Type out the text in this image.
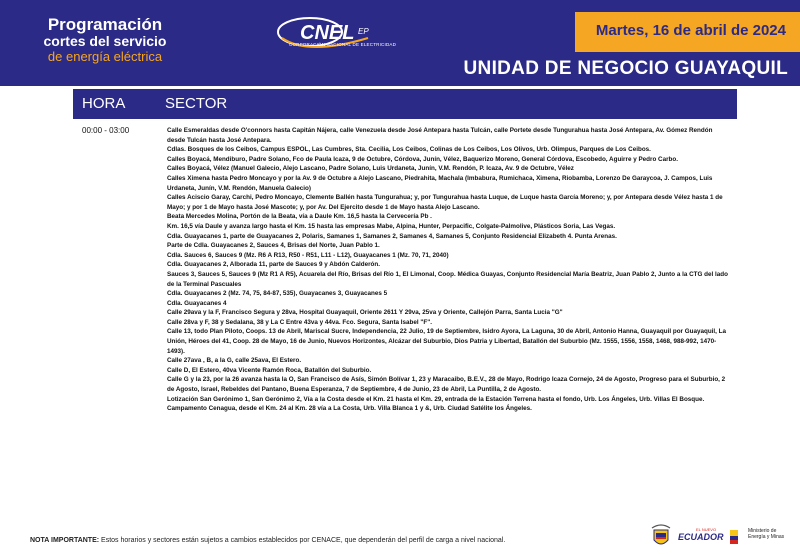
Programación
cortes del servicio
de energía eléctrica
CNEL EP
CORPORACIÓN NACIONAL DE ELECTRICIDAD
Martes, 16 de abril de 2024
UNIDAD DE NEGOCIO GUAYAQUIL
HORA	SECTOR
00:00 - 03:00	Calle Esmeraldas desde O'connors hasta Capitán Nájera, calle Venezuela desde José Antepara hasta Tulcán, calle Portete desde Tungurahua hasta José Antepara, Av. Gómez Rendón desde Tulcán hasta José Antepara.
Cdlas. Bosques de los Ceibos, Campus ESPOL, Las Cumbres, Sta. Cecilia, Los Ceibos, Colinas de Los Ceibos, Los Olivos, Urb. Olimpus, Parques de Los Ceibos.
Calles Boyacá, Mendiburo, Padre Solano, Fco de Paula Icaza, 9 de Octubre, Córdova, Junín, Vélez, Baquerizo Moreno, General Córdova, Escobedo, Aguirre y Pedro Carbo.
Calles Boyacá, Vélez (Manuel Galecio, Alejo Lascano, Padre Solano, Luis Urdaneta, Junín, V.M. Rendón, P. Icaza, Av. 9 de Octubre, Vélez
Calles Ximena hasta Pedro Moncayo y por la Av. 9 de Octubre a Alejo Lascano, Piedrahita, Machala (Imbabura, Rumichaca, Ximena, Riobamba, Lorenzo De Garaycoa, J. Campos, Luis Urdaneta, Junín, V.M. Rendón, Manuela Galecio)
Calles Aciscio Garay, Carchi, Pedro Moncayo, Clemente Ballén hasta Tungurahua; y, por Tungurahua hasta Luque, de Luque hasta García Moreno; y, por Antepara desde Vélez hasta 1 de Mayo; y por 1 de Mayo hasta José Mascote; y, por Av. Del Ejercito desde 1 de Mayo hasta Alejo Lascano.
Beata Mercedes Molina, Portón de la Beata, vía a Daule Km. 16,5 hasta la Cervecería Pb .
Km. 16,5 vía Daule y avanza largo hasta el Km. 15 hasta las empresas Mabe, Alpina, Hunter, Perpacific, Colgate-Palmolive, Plásticos Soria, Las Vegas.
Cdla. Guayacanes 1, parte de Guayacanes 2, Polaris, Samanes 1, Samanes 2, Samanes 4, Samanes 5, Conjunto Residencial Elizabeth 4. Punta Arenas.
Parte de Cdla. Guayacanes 2, Sauces 4, Brisas del Norte, Juan Pablo 1.
Cdla. Sauces 6, Sauces 9 (Mz. R6 A R13, R50 - R51, L11 - L12), Guayacanes 1 (Mz. 70, 71, 2040)
Cdla. Guayacanes 2, Alborada 11, parte de Sauces 9 y Abdón Calderón.
Sauces 3, Sauces 5, Sauces 9 (Mz R1 A R5), Acuarela del Río, Brisas del Río 1, El Limonal, Coop. Médica Guayas, Conjunto Residencial María Beatriz, Juan Pablo 2, Junto a la CTG del lado de la Terminal Pascuales
Cdla. Guayacanes 2 (Mz. 74, 75, 84-87, 535), Guayacanes 3, Guayacanes 5
Cdla. Guayacanes 4
Calle 29ava y la F, Francisco Segura y 28va, Hospital Guayaquil, Oriente 2611 Y 29va, 25va y Oriente, Callejón Parra, Santa Lucia "G"
Calle 28va y F, 38 y Sedalana, 38 y La C Entre 43va y 44va. Fco. Segura, Santa Isabel "F".
Calle 13, todo Plan Piloto, Coops. 13 de Abril, Mariscal Sucre, Independencia, 22 Julio, 19 de Septiembre, Isidro Ayora, La Laguna, 30 de Abril, Antonio Hanna, Guayaquil por Guayaquil, La Unión, Héroes del 41, Coop. 28 de Mayo, 16 de Junio, Nuevos Horizontes, Alcázar del Suburbio, Dios Patria y Libertad, Batallón del Suburbio (Mz. 1555, 1556, 1558, 1468, 988-992, 1470- 1493).
Calle 27ava , B, a la G, calle 25ava, El Estero.
Calle D, El Estero, 40va Vicente Ramón Roca, Batallón del Suburbio.
Calle G y la 23, por la 26 avanza hasta la O, San Francisco de Asís, Simón Bolívar 1, 23 y Maracaibo, B.E.V., 28 de Mayo, Rodrigo Icaza Cornejo, 24 de Agosto, Progreso para el Suburbio, 2 de Agosto, Israel, Rebeldes del Pantano, Buena Esperanza, 7 de Septiembre, 4 de Junio, 23 de Abril, La Puntilla, 2 de Agosto.
Lotización San Gerónimo 1, San Gerónimo 2, Vía a la Costa desde el Km. 21 hasta el Km. 29, entrada de la Estación Terrena hasta el fondo, Urb. Los Ángeles, Urb. Villas El Bosque.
Campamento Cenagua, desde el Km. 24 al Km. 28 vía a La Costa, Urb. Villa Blanca 1 y &, Urb. Ciudad Satélite los Ángeles.
NOTA IMPORTANTE: Estos horarios y sectores están sujetos a cambios establecidos por CENACE, que dependerán del perfil de carga a nivel nacional.
EL NUEVO
ECUADOR
Ministerio de Energía y Minas
